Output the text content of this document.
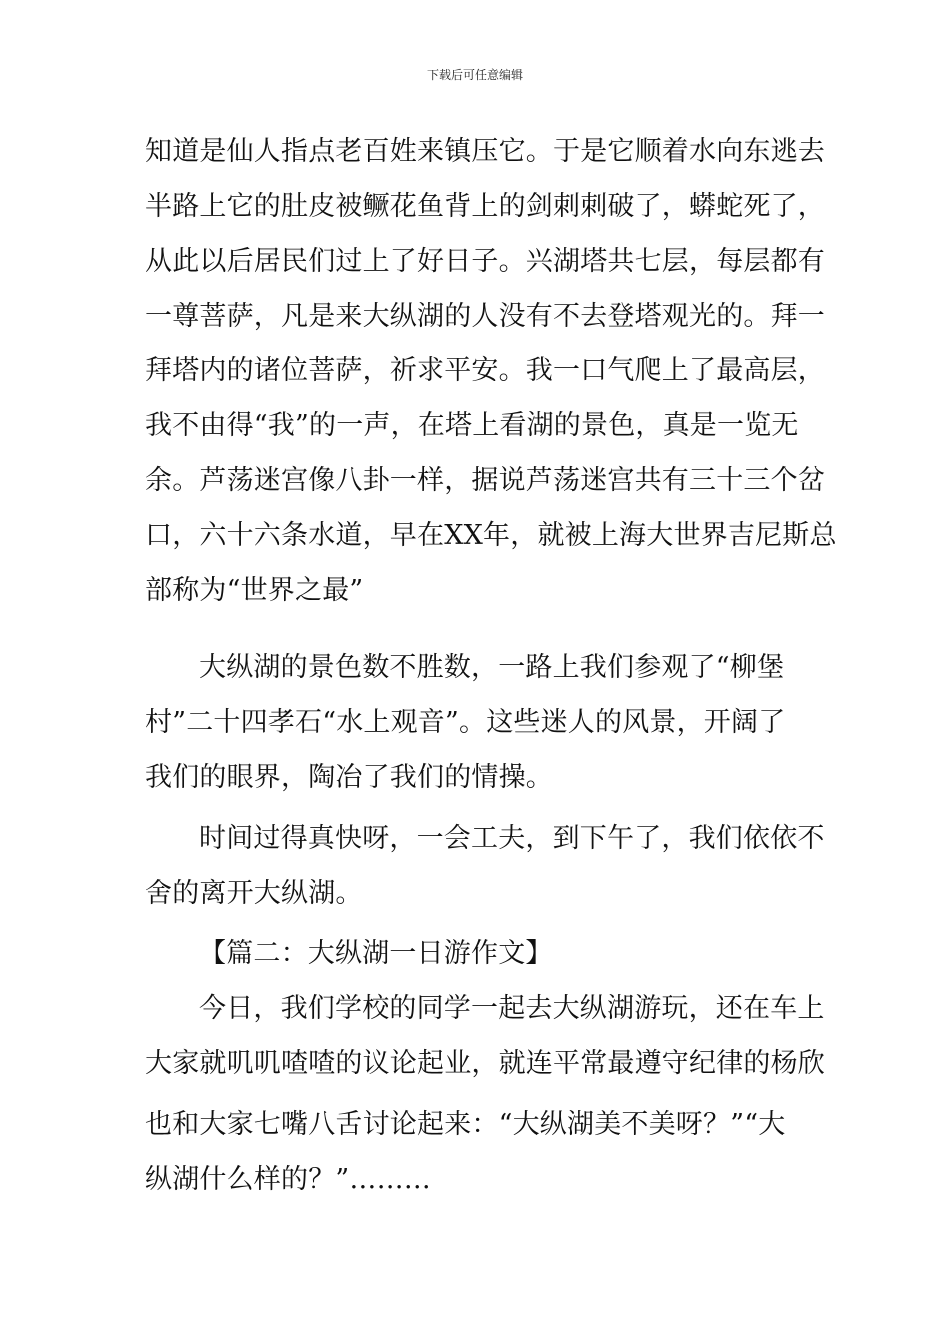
下载后可任意编辑
知道是仙人指点老百姓来镇压它。于是它顺着水向东逃去
半路上它的肚皮被鳜花鱼背上的剑刺刺破了，蟒蛇死了，
从此以后居民们过上了好日子。兴湖塔共七层，每层都有
一尊菩萨，凡是来大纵湖的人没有不去登塔观光的。拜一
拜塔内的诸位菩萨，祈求平安。我一口气爬上了最高层，
我不由得“我”的一声，在塔上看湖的景色，真是一览无
余。芦荡迷宫像八卦一样，据说芦荡迷宫共有三十三个岔
口，六十六条水道，早在XX年，就被上海大世界吉尼斯总
部称为“世界之最”
大纵湖的景色数不胜数，一路上我们参观了“柳堡
村”二十四孝石“水上观音”。这些迷人的风景，开阔了
我们的眼界，陶冶了我们的情操。
时间过得真快呀，一会工夫，到下午了，我们依依不
舍的离开大纵湖。
【篇二：大纵湖一日游作文】
今日，我们学校的同学一起去大纵湖游玩，还在车上
大家就叽叽喳喳的议论起业，就连平常最遵守纪律的杨欣
也和大家七嘴八舌讨论起来：“大纵湖美不美呀？”“大
纵湖什么样的？”………
